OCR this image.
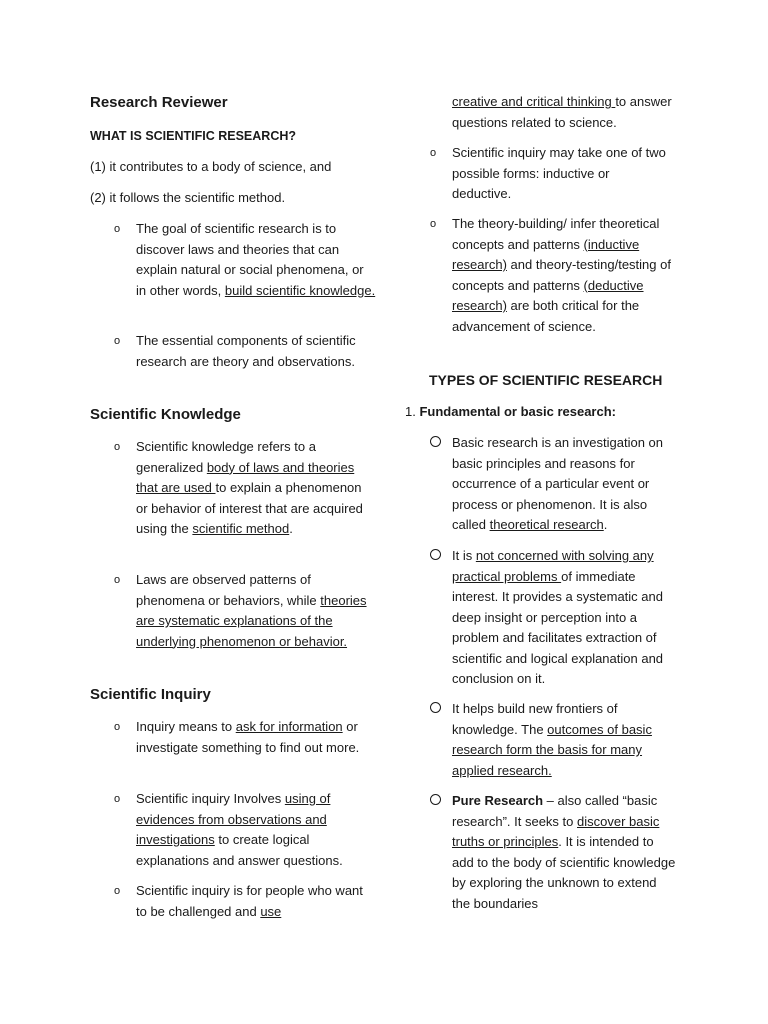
Research Reviewer
WHAT IS SCIENTIFIC RESEARCH?
(1) it contributes to a body of science, and
(2) it follows the scientific method.
o The goal of scientific research is to discover laws and theories that can explain natural or social phenomena, or in other words, build scientific knowledge.
o The essential components of scientific research are theory and observations.
Scientific Knowledge
o Scientific knowledge refers to a generalized body of laws and theories that are used to explain a phenomenon or behavior of interest that are acquired using the scientific method.
o Laws are observed patterns of phenomena or behaviors, while theories are systematic explanations of the underlying phenomenon or behavior.
Scientific Inquiry
o Inquiry means to ask for information or investigate something to find out more.
o Scientific inquiry Involves using of evidences from observations and investigations to create logical explanations and answer questions.
o Scientific inquiry is for people who want to be challenged and use
creative and critical thinking to answer questions related to science.
o Scientific inquiry may take one of two possible forms: inductive or deductive.
o The theory-building/ infer theoretical concepts and patterns (inductive research) and theory-testing/testing of concepts and patterns (deductive research) are both critical for the advancement of science.
TYPES OF SCIENTIFIC RESEARCH
1. Fundamental or basic research:
Basic research is an investigation on basic principles and reasons for occurrence of a particular event or process or phenomenon. It is also called theoretical research.
It is not concerned with solving any practical problems of immediate interest. It provides a systematic and deep insight or perception into a problem and facilitates extraction of scientific and logical explanation and conclusion on it.
It helps build new frontiers of knowledge. The outcomes of basic research form the basis for many applied research.
Pure Research – also called “basic research”. It seeks to discover basic truths or principles. It is intended to add to the body of scientific knowledge by exploring the unknown to extend the boundaries
